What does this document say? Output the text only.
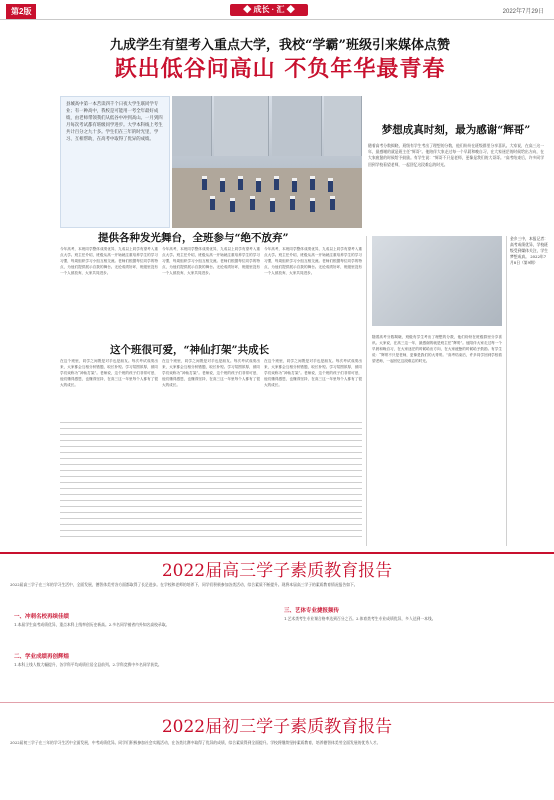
第2版	◆ 成长 · 汇 ◆	2022年7月29日
九成学生有望考入重点大学，我校“学霸”班级引来媒体点赞
跃出低谷问高山 不负年华最青春
县城高中第一本苦读四千个日夜大学生联同学专业；有一种高中，我校是可能用一考全年最好成绩，由老师带领我们从低谷中冲到高山。一月到四月每次考试都有班级同学进步。大学本科线上考生共计百分之九十多。学生们在三年的时光里，学习、互相帮助，在高考中取得了优异的成绩。
梦想成真时刻，最为感谢“辉哥”
随着高考分数揭晓，班级有学生考出了理想的分数，他们纷纷在班级群里分享喜讯。大家说，在高三这一年，最感谢的就是班主任“辉哥”。他陪伴大家走过每一个早晨和晚自习，在大家迷茫的时候给出方向，在大家疲惫的时候给予鼓励。有学生说：“辉哥不只是老师，更像是我们的大哥哥。”高考结束后，许多同学回到学校看望老师，一起回忆这段难忘的时光。
随着高考分数揭晓，班级有学生考出了理想的分数，他们纷纷在班级群里分享喜讯。大家说，在高三这一年，最感谢的就是班主任“辉哥”。他陪伴大家走过每一个早晨和晚自习，在大家迷茫的时候给出方向，在大家疲惫的时候给予鼓励。有学生说：“辉哥不只是老师，更像是我们的大哥哥。”高考结束后，许多同学回到学校看望老师，一起回忆这段难忘的时光。
金乡三中，本报记者：高考成绩优异，学校班级受到媒体关注，学生梦想成真。 2022年7月8日（第9期）
提供各种发光舞台，全班参与“绝不放弃”
今年高考，本班同学整体成绩优异，九成以上同学有望考入重点大学。班主任介绍，班级从高一开始就注重培养学生的学习习惯，每周组织学习小组互相交流。老师们根据每位同学的特点，为他们提供展示自我的舞台。无论成绩好坏，班级里没有一个人被放弃，大家共同进步。
今年高考，本班同学整体成绩优异，九成以上同学有望考入重点大学。班主任介绍，班级从高一开始就注重培养学生的学习习惯，每周组织学习小组互相交流。老师们根据每位同学的特点，为他们提供展示自我的舞台。无论成绩好坏，班级里没有一个人被放弃，大家共同进步。
今年高考，本班同学整体成绩优异，九成以上同学有望考入重点大学。班主任介绍，班级从高一开始就注重培养学生的学习习惯，每周组织学习小组互相交流。老师们根据每位同学的特点，为他们提供展示自我的舞台。无论成绩好坏，班级里没有一个人被放弃，大家共同进步。
这个班很可爱，“神仙打架”共成长
在这个班里，同学之间既是对手也是朋友。每次考试成绩出来，大家都会互相分析错题，取长补短。学习氛围浓厚，被同学们戏称为“神仙打架”。老师说，这个班的孩子们非常可爱，他们懂得感恩，也懂得坚持，在高三这一年里每个人都有了很大的成长。
在这个班里，同学之间既是对手也是朋友。每次考试成绩出来，大家都会互相分析错题，取长补短。学习氛围浓厚，被同学们戏称为“神仙打架”。老师说，这个班的孩子们非常可爱，他们懂得感恩，也懂得坚持，在高三这一年里每个人都有了很大的成长。
在这个班里，同学之间既是对手也是朋友。每次考试成绩出来，大家都会互相分析错题，取长补短。学习氛围浓厚，被同学们戏称为“神仙打架”。老师说，这个班的孩子们非常可爱，他们懂得感恩，也懂得坚持，在高三这一年里每个人都有了很大的成长。
2022届高三学子素质教育报告
2022届高三学子在三年的学习生活中，全面发展，德智体美劳各方面都取得了长足进步。在学校和老师的培养下，同学们积极参加各类活动，综合素质不断提升。现将本届高三学子的素质教育情况报告如下。
一、冲刺名校再续佳绩
1.本届学生高考成绩优异，重点本科上线率创历史新高。2.多名同学被省内外知名高校录取。
二、学业成绩再创辉煌
1.本科上线人数大幅提升，各学科平均成绩位居全县前列。2.学科竞赛中多名同学获奖。
三、艺体专业捷报频传
1.艺术类考生专业课合格率达到百分之百。2.体育类考生专业成绩优异，多人达到一本线。
2022届初三学子素质教育报告
2022届初三学子在三年的学习生活中全面发展，中考成绩优异。同学们积极参加社会实践活动，在各类比赛中取得了优异的成绩，综合素质得到全面提升。学校将继续坚持素质教育，培养德智体美劳全面发展的优秀人才。
